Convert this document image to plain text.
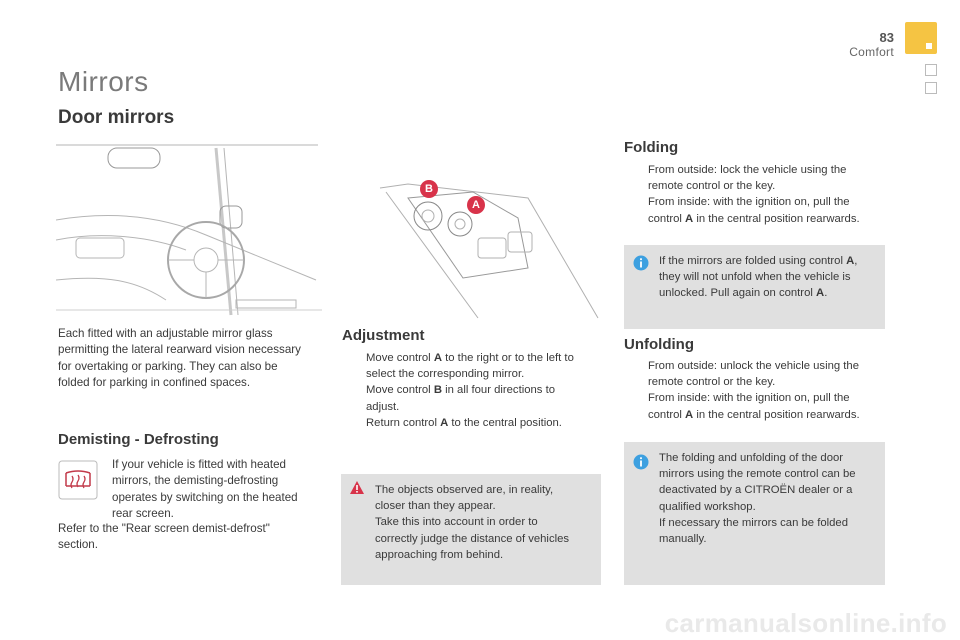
83
Comfort
Mirrors
Door mirrors
B
A
Each fitted with an adjustable mirror glass
permitting the lateral rearward vision necessary
for overtaking or parking. They can also be
folded for parking in confined spaces.
Demisting - Defrosting
If your vehicle is fitted with heated
mirrors, the demisting-defrosting
operates by switching on the heated
rear screen.
Refer to the "Rear screen demist-defrost"
section.
Adjustment
Move control A to the right or to the left to
select the corresponding mirror.
Move control B in all four directions to
adjust.
Return control A to the central position.
The objects observed are, in reality,
closer than they appear.
Take this into account in order to
correctly judge the distance of vehicles
approaching from behind.
Folding
From outside: lock the vehicle using the
remote control or the key.
From inside: with the ignition on, pull the
control A in the central position rearwards.
If the mirrors are folded using control A,
they will not unfold when the vehicle is
unlocked. Pull again on control A.
Unfolding
From outside: unlock the vehicle using the
remote control or the key.
From inside: with the ignition on, pull the
control A in the central position rearwards.
The folding and unfolding of the door
mirrors using the remote control can be
deactivated by a CITROËN dealer or a
qualified workshop.
If necessary the mirrors can be folded
manually.
carmanualsonline.info
